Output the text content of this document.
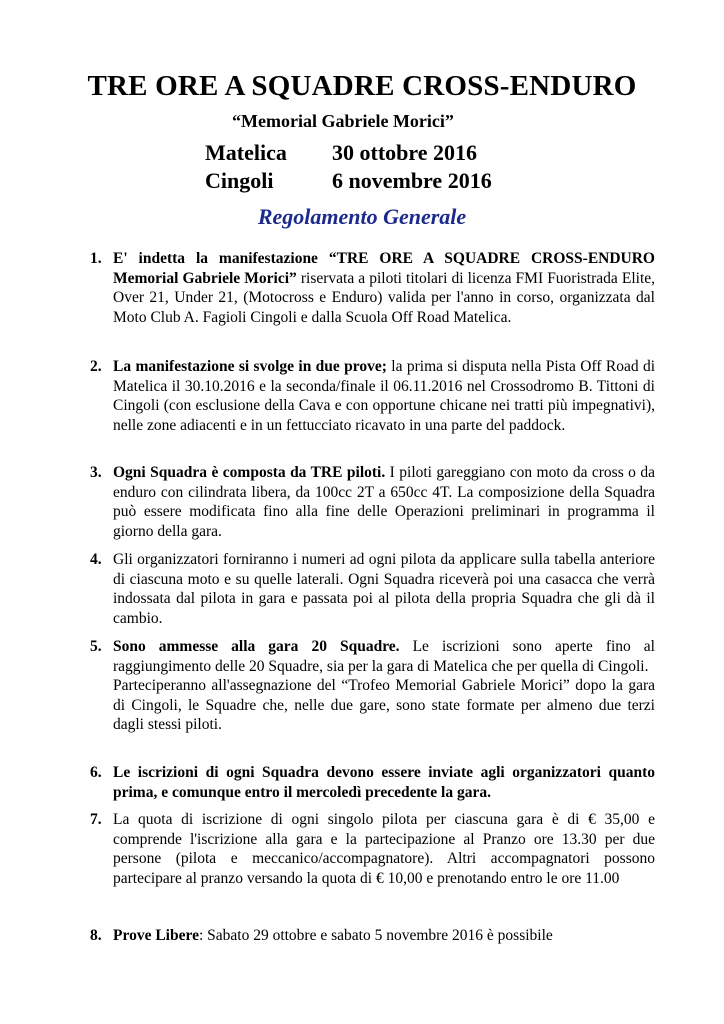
TRE ORE A SQUADRE CROSS-ENDURO
“Memorial Gabriele Morici”
Matelica 30 ottobre 2016
Cingoli	6 novembre 2016
Regolamento Generale
1. E' indetta la manifestazione “TRE ORE A SQUADRE CROSS-ENDURO Memorial Gabriele Morici” riservata a piloti titolari di licenza FMI Fuoristrada Elite, Over 21, Under 21, (Motocross e Enduro) valida per l'anno in corso, organizzata dal Moto Club A. Fagioli Cingoli e dalla Scuola Off Road Matelica.
2. La manifestazione si svolge in due prove; la prima si disputa nella Pista Off Road di Matelica il 30.10.2016 e la seconda/finale il 06.11.2016 nel Crossodromo B. Tittoni di Cingoli (con esclusione della Cava e con opportune chicane nei tratti più impegnativi), nelle zone adiacenti e in un fettucciato ricavato in una parte del paddock.
3. Ogni Squadra è composta da TRE piloti. I piloti gareggiano con moto da cross o da enduro con cilindrata libera, da 100cc 2T a 650cc 4T. La composizione della Squadra può essere modificata fino alla fine delle Operazioni preliminari in programma il giorno della gara.
4. Gli organizzatori forniranno i numeri ad ogni pilota da applicare sulla tabella anteriore di ciascuna moto e su quelle laterali. Ogni Squadra riceverà poi una casacca che verrà indossata dal pilota in gara e passata poi al pilota della propria Squadra che gli dà il cambio.
5. Sono ammesse alla gara 20 Squadre. Le iscrizioni sono aperte fino al raggiungimento delle 20 Squadre, sia per la gara di Matelica che per quella di Cingoli.
Parteciperanno all'assegnazione del “Trofeo Memorial Gabriele Morici” dopo la gara di Cingoli, le Squadre che, nelle due gare, sono state formate per almeno due terzi dagli stessi piloti.
6. Le iscrizioni di ogni Squadra devono essere inviate agli organizzatori quanto prima, e comunque entro il mercoledì precedente la gara.
7. La quota di iscrizione di ogni singolo pilota per ciascuna gara è di € 35,00 e comprende l'iscrizione alla gara e la partecipazione al Pranzo ore 13.30 per due persone (pilota e meccanico/accompagnatore). Altri accompagnatori possono partecipare al pranzo versando la quota di € 10,00 e prenotando entro le ore 11.00
8. Prove Libere: Sabato 29 ottobre e sabato 5 novembre 2016 è possibile
